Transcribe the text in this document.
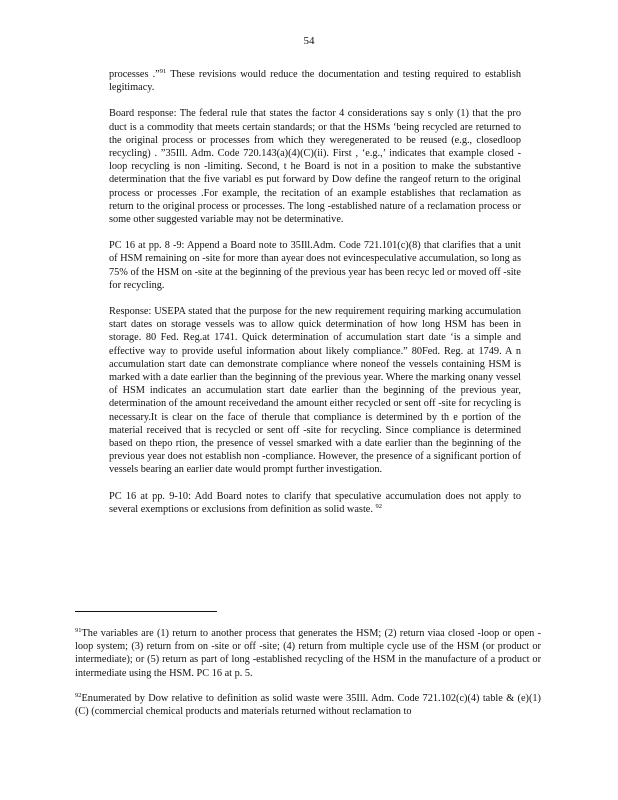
54

processes .”$^{91}$ These revisions would reduce the documentation and testing required to establish legitimacy.

Board response: The federal rule that states the factor 4 considerations say s only (1) that the pro duct is a commodity that meets certain standards; or that the HSMs ‘being recycled are returned to the original process or processes from which they weregenerated to be reused (e.g., closedloop recycling) . ”35Ill. Adm. Code 720.143(a)(4)(C)(ii). First , ‘e.g.,’ indicates that example closed - loop recycling is non -limiting. Second, t he Board is not in a position to make the substantive determination that the five variabl es put forward by Dow define the rangeof return to the original process or processes .For example, the recitation of an example establishes that reclamation as return to the original process or processes. The long -established nature of a reclamation process or some other suggested variable may not be determinative.

PC 16 at pp. 8 -9: Append a Board note to 35Ill.Adm. Code 721.101(c)(8) that clarifies that a unit of HSM remaining on -site for more than ayear does not evincespeculative accumulation, so long as 75% of the HSM on -site at the beginning of the previous year has been recyc led or moved off -site for recycling.

Response: USEPA stated that the purpose for the new requirement requiring marking accumulation start dates on storage vessels was to allow quick determination of how long HSM has been in storage. 80 Fed. Reg.at 1741. Quick determination of accumulation start date ‘is a simple and effective way to provide useful information about likely compliance.” 80Fed. Reg. at 1749. A n accumulation start date can demonstrate compliance where noneof the vessels containing HSM is marked with a date earlier than the beginning of the previous year. Where the marking onany vessel of HSM indicates an accumulation start date earlier than the beginning of the previous year, determination of the amount receivedand the amount either recycled or sent off -site for recycling is necessary.It is clear on the face of therule that compliance is determined by th e portion of the material received that is recycled or sent off -site for recycling. Since compliance is determined based on thepo rtion, the presence of vessel smarked with a date earlier than the beginning of the previous year does not establish non -compliance. However, the presence of a significant portion of vessels bearing an earlier date would prompt further investigation.

PC 16 at pp. 9-10: Add Board notes to clarify that speculative accumulation does not apply to several exemptions or exclusions from definition as solid waste. $^{92}$

$^{91}$The variables are (1) return to another process that generates the HSM; (2) return viaa closed -loop or open -loop system; (3) return from on -site or off -site; (4) return from multiple cycle use of the HSM (or product or intermediate); or (5) return as part of long -established recycling of the HSM in the manufacture of a product or intermediate using the HSM. PC 16 at p. 5.

$^{92}$Enumerated by Dow relative to definition as solid waste were 35Ill. Adm. Code 721.102(c)(4) table & (e)(1)(C) (commercial chemical products and materials returned without reclamation to
